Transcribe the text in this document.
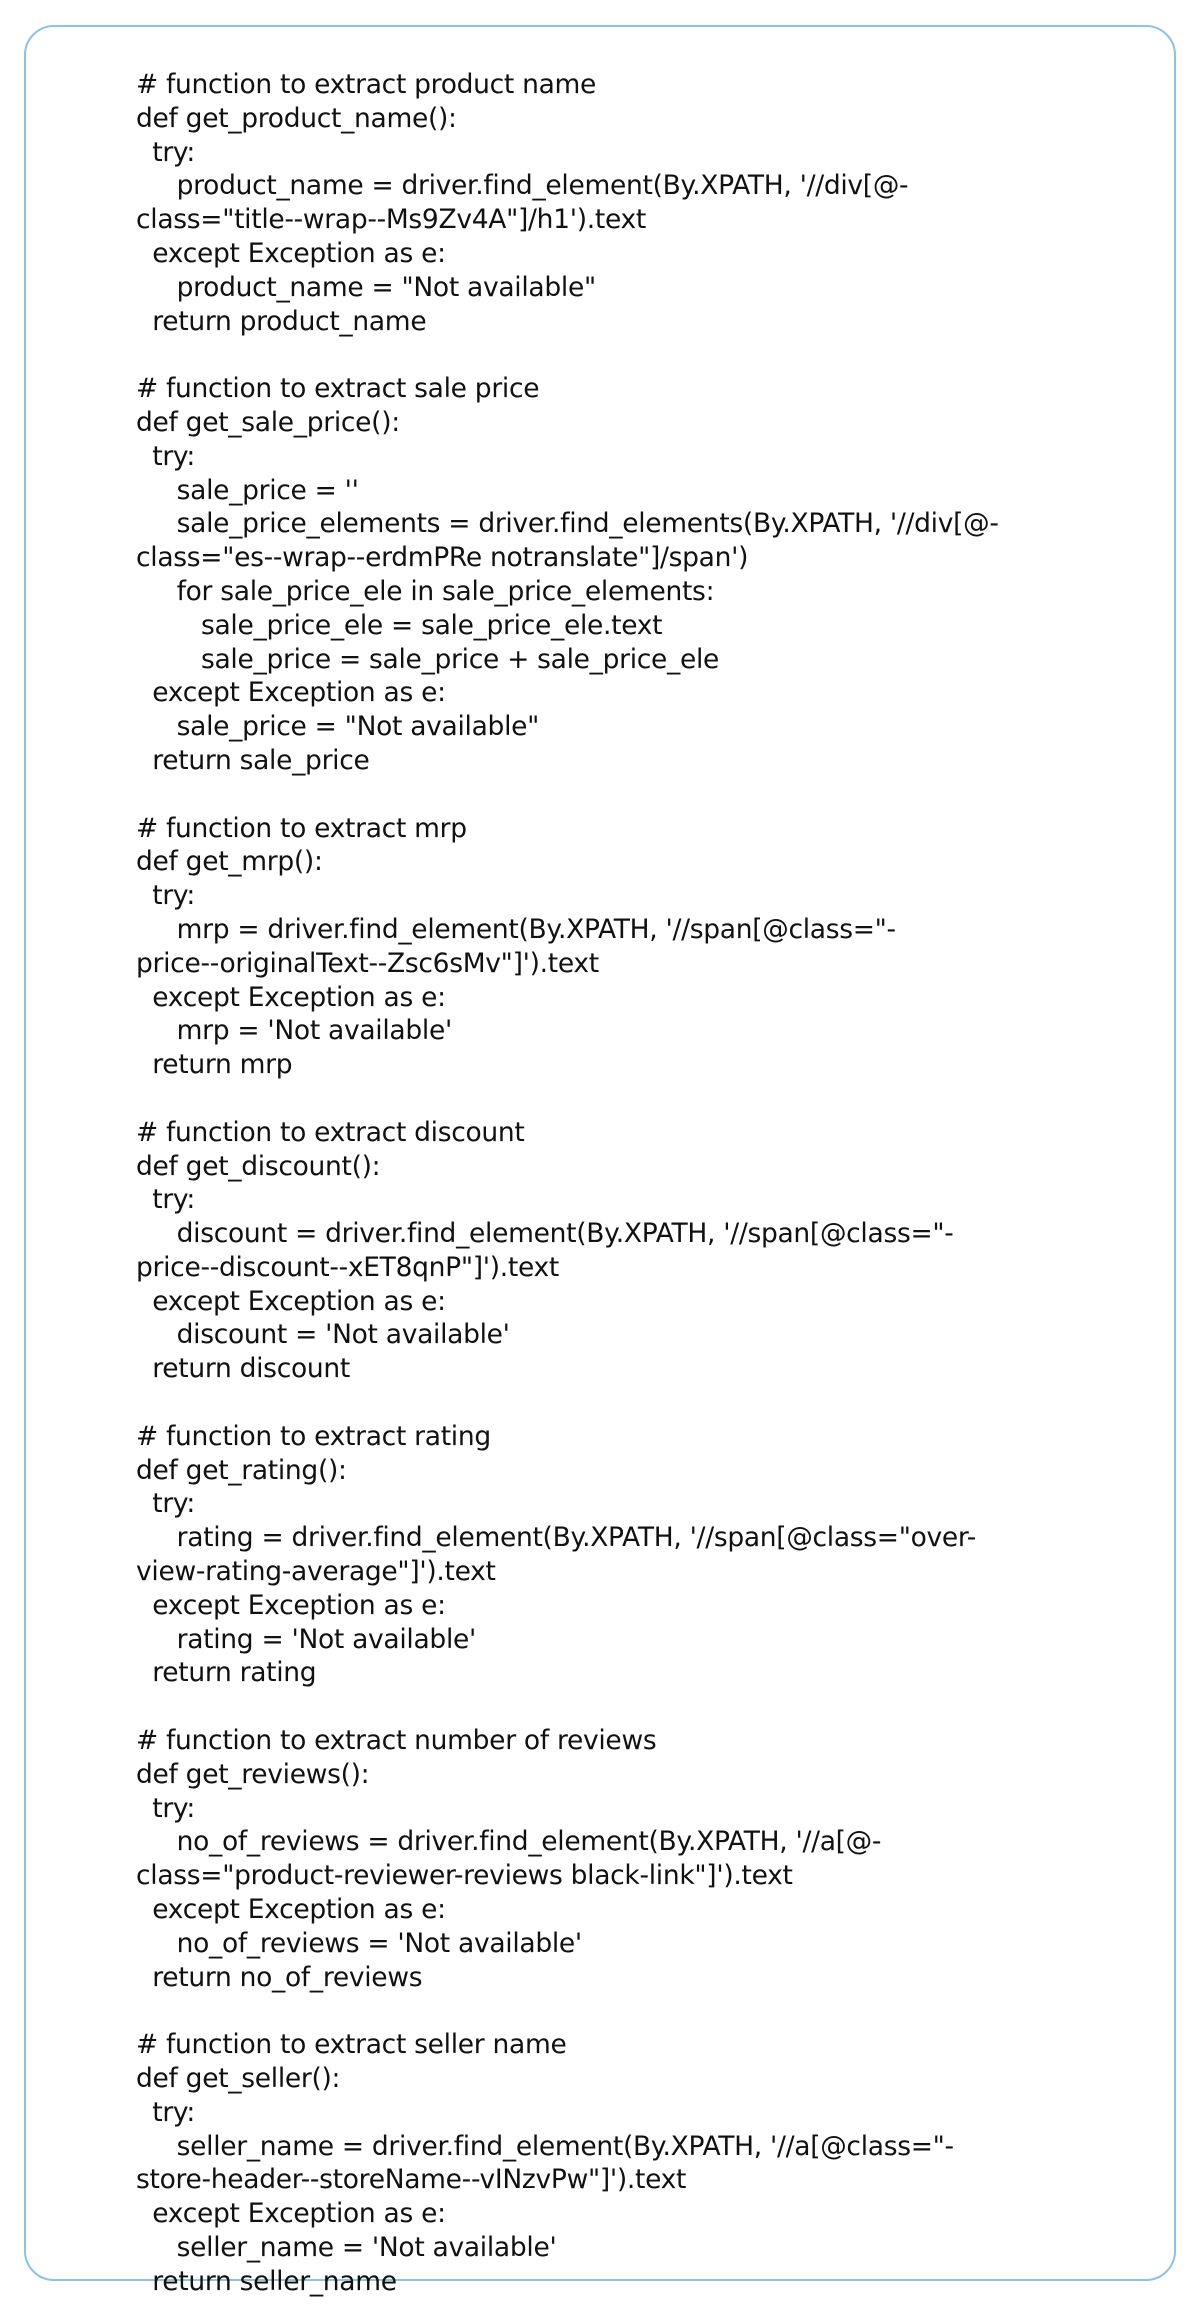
# function to extract product name
def get_product_name():
try:
product_name = driver.find_element(By.XPATH, '//div[@-
class="title--wrap--Ms9Zv4A"]/h1').text
except Exception as e:
product_name = "Not available"
return product_name
# function to extract sale price
def get_sale_price():
try:
sale_price = ''
sale_price_elements = driver.find_elements(By.XPATH, '//div[@-
class="es--wrap--erdmPRe notranslate"]/span')
for sale_price_ele in sale_price_elements:
sale_price_ele = sale_price_ele.text
sale_price = sale_price + sale_price_ele
except Exception as e:
sale_price = "Not available"
return sale_price
# function to extract mrp
def get_mrp():
try:
mrp = driver.find_element(By.XPATH, '//span[@class="-
price--originalText--Zsc6sMv"]').text
except Exception as e:
mrp = 'Not available'
return mrp
# function to extract discount
def get_discount():
try:
discount = driver.find_element(By.XPATH, '//span[@class="-
price--discount--xET8qnP"]').text
except Exception as e:
discount = 'Not available'
return discount
# function to extract rating
def get_rating():
try:
rating = driver.find_element(By.XPATH, '//span[@class="over-
view-rating-average"]').text
except Exception as e:
rating = 'Not available'
return rating
# function to extract number of reviews
def get_reviews():
try:
no_of_reviews = driver.find_element(By.XPATH, '//a[@-
class="product-reviewer-reviews black-link"]').text
except Exception as e:
no_of_reviews = 'Not available'
return no_of_reviews
# function to extract seller name
def get_seller():
try:
seller_name = driver.find_element(By.XPATH, '//a[@class="-
store-header--storeName--vINzvPw"]').text
except Exception as e:
seller_name = 'Not available'
return seller_name
